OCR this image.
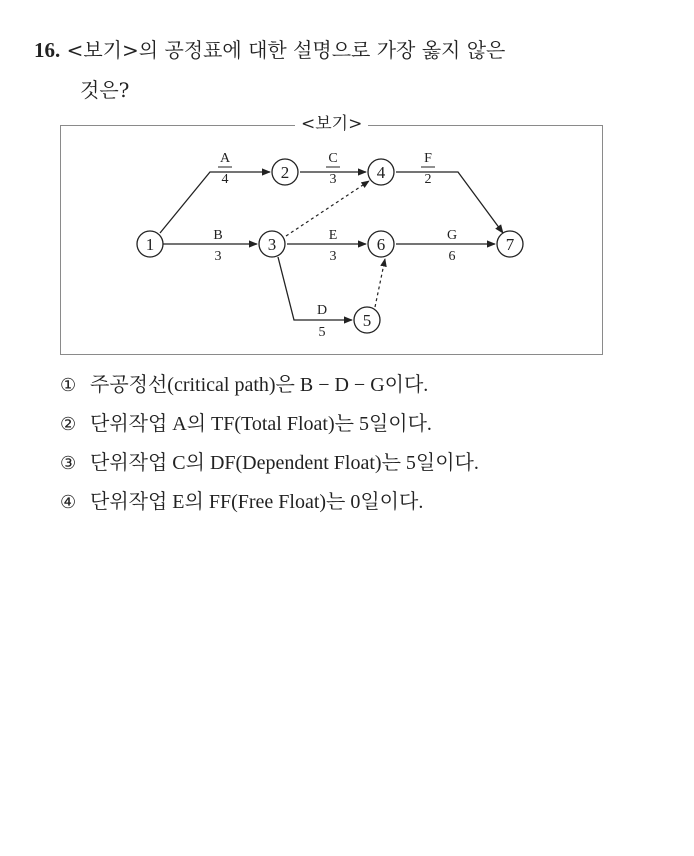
16. <보기>의 공정표에 대한 설명으로 가장 옳지 않은
것은?
<보기>
A
4
C
3
F
2
B
3
E
3
G
6
D
5
1
2
3
4
5
6	7
① 주공정선(critical path)은 B − D − G이다.
② 단위작업 A의 TF(Total Float)는 5일이다.
③ 단위작업 C의 DF(Dependent Float)는 5일이다.
④ 단위작업 E의 FF(Free Float)는 0일이다.
